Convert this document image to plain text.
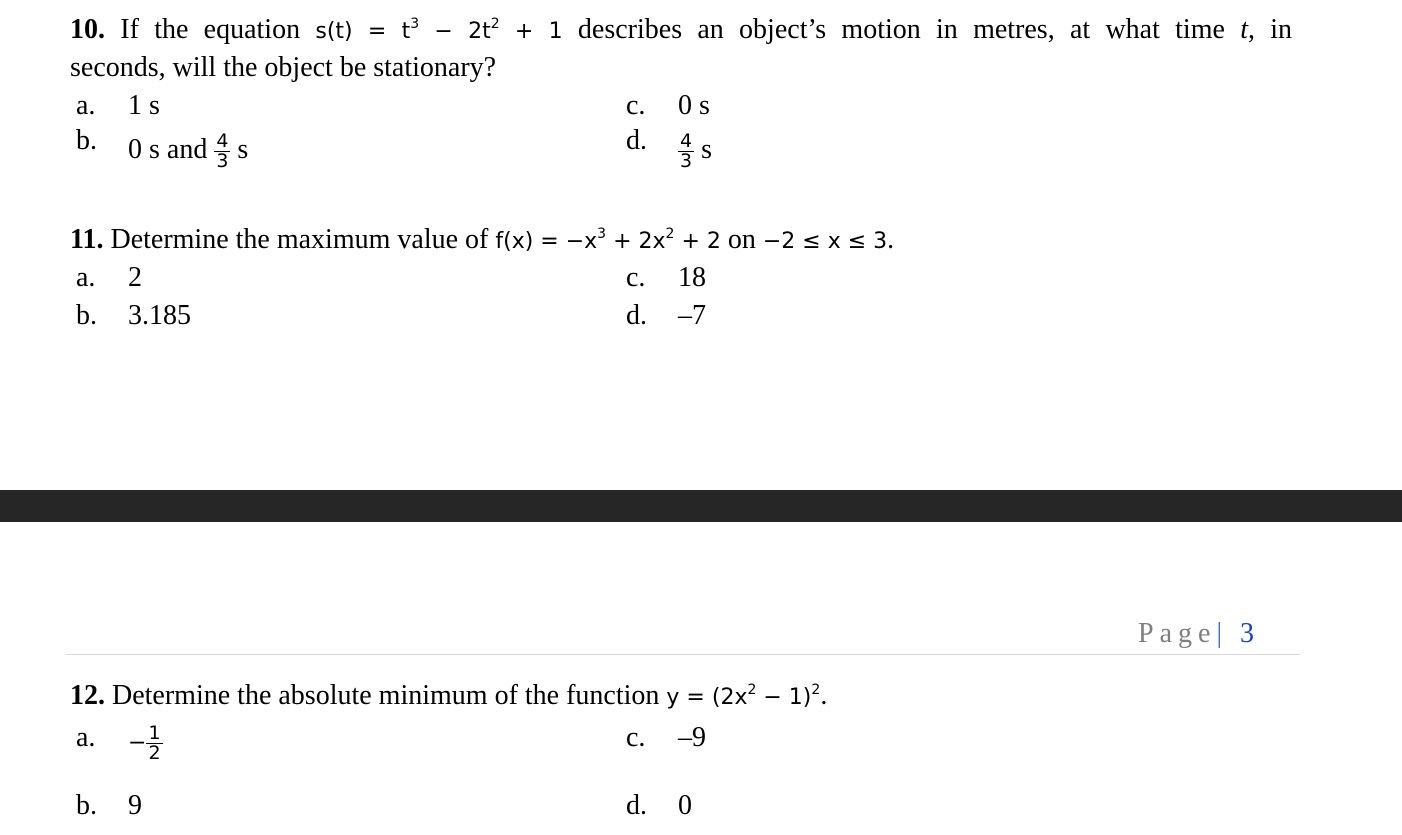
10. If the equation $s(t) = t^3 - 2t^2 + 1$ describes an object’s motion in metres, at what time t, in
seconds, will the object be stationary?
a. 1 s	c. 0 s
b. 0 s and $\frac{4}{3}$ s	d. $\frac{4}{3}$ s
11. Determine the maximum value of $f(x) = -x^3 + 2x^2 + 2$ on −2 ≤ x ≤ 3.
a. 2	c. 18
b. 3.185	d. –7
Page| 3
12. Determine the absolute minimum of the function $y = (2x^2 - 1)^2$.
a. − $\frac{1}{2}$	c. –9
b. 9	d. 0
